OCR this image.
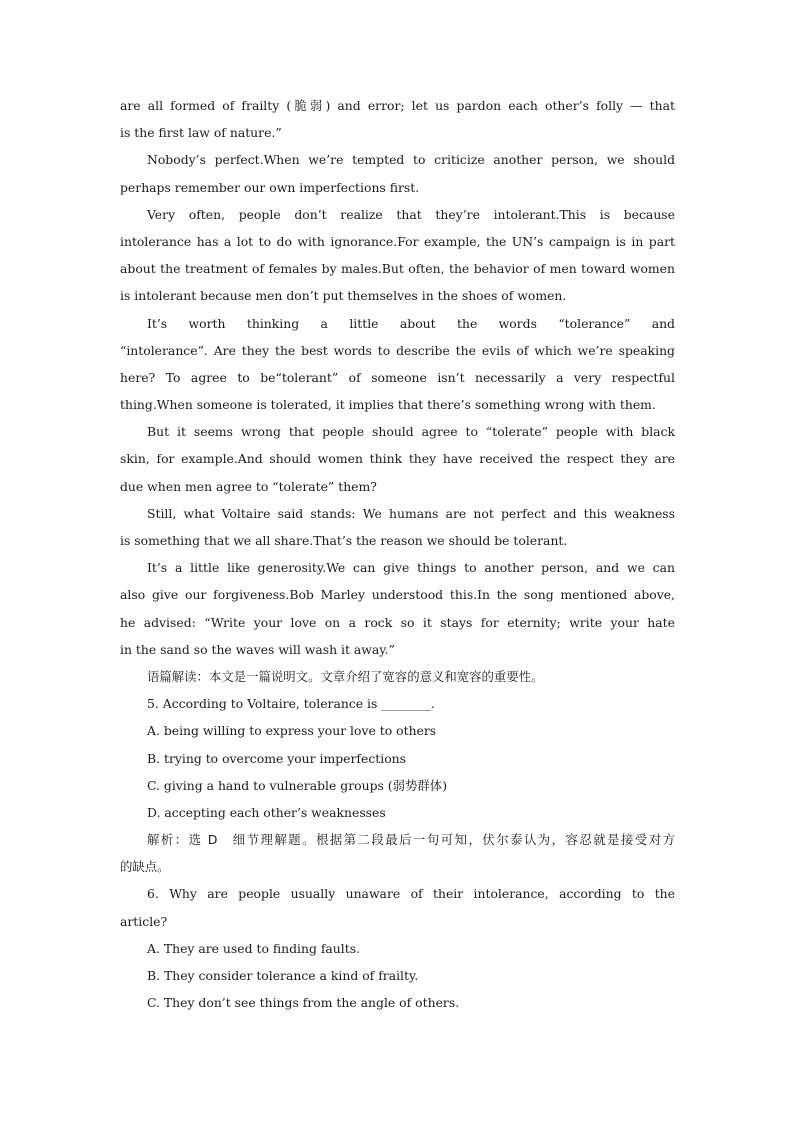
are all formed of frailty (脆弱) and error; let us pardon each other’s folly — that
is the first law of nature.”
Nobody’s perfect.When we’re tempted to criticize another person, we should
perhaps remember our own imperfections first.
Very often, people don’t realize that they’re intolerant.This is because
intolerance has a lot to do with ignorance.For example, the UN’s campaign is in part
about the treatment of females by males.But often, the behavior of men toward women
is intolerant because men don’t put themselves in the shoes of women.
It’s worth thinking a little about the words “tolerance” and
“intolerance”. Are they the best words to describe the evils of which we’re speaking
here? To agree to be“tolerant” of someone isn’t necessarily a very respectful
thing.When someone is tolerated, it implies that there’s something wrong with them.
But it seems wrong that people should agree to “tolerate” people with black
skin, for example.And should women think they have received the respect they are
due when men agree to “tolerate” them?
Still, what Voltaire said stands: We humans are not perfect and this weakness
is something that we all share.That’s the reason we should be tolerant.
It’s a little like generosity.We can give things to another person, and we can
also give our forgiveness.Bob Marley understood this.In the song mentioned above,
he advised: “Write your love on a rock so it stays for eternity; write your hate
in the sand so the waves will wash it away.”
语篇解读：本文是一篇说明文。文章介绍了宽容的意义和宽容的重要性。
5. According to Voltaire, tolerance is ________.
A. being willing to express your love to others
B. trying to overcome your imperfections
C. giving a hand to vulnerable groups (弱势群体)
D. accepting each other’s weaknesses
解析：选 D　细节理解题。根据第二段最后一句可知，伏尔泰认为，容忍就是接受对方
的缺点。
6. Why are people usually unaware of their intolerance, according to the
article?
A. They are used to finding faults.
B. They consider tolerance a kind of frailty.
C. They don’t see things from the angle of others.
